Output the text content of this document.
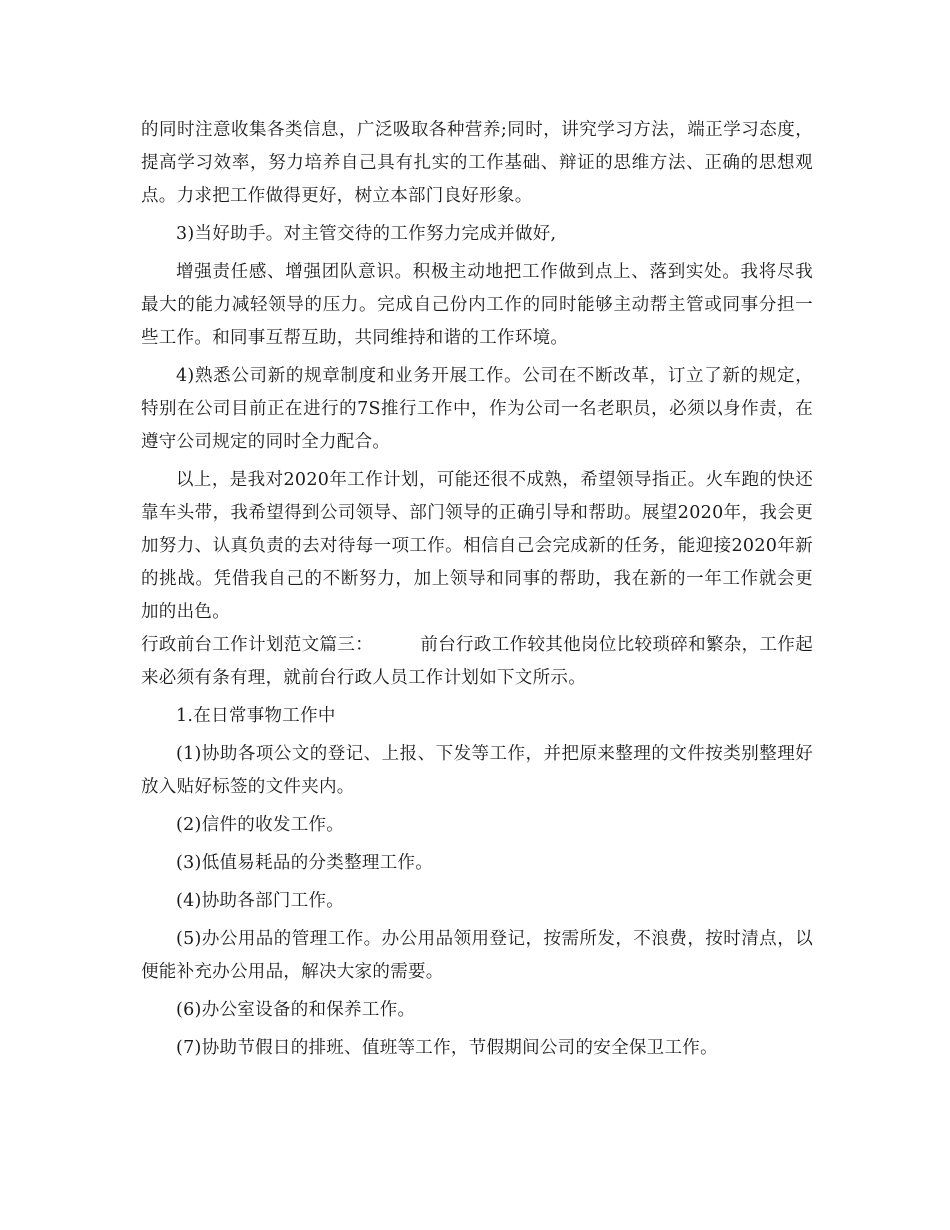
的同时注意收集各类信息，广泛吸取各种营养;同时，讲究学习方法，端正学习态度，提高学习效率，努力培养自己具有扎实的工作基础、辩证的思维方法、正确的思想观点。力求把工作做得更好，树立本部门良好形象。

3)当好助手。对主管交待的工作努力完成并做好,

增强责任感、增强团队意识。积极主动地把工作做到点上、落到实处。我将尽我最大的能力减轻领导的压力。完成自己份内工作的同时能够主动帮主管或同事分担一些工作。和同事互帮互助，共同维持和谐的工作环境。

4)熟悉公司新的规章制度和业务开展工作。公司在不断改革，订立了新的规定，特别在公司目前正在进行的7S推行工作中，作为公司一名老职员，必须以身作责，在遵守公司规定的同时全力配合。

以上，是我对2020年工作计划，可能还很不成熟，希望领导指正。火车跑的快还靠车头带，我希望得到公司领导、部门领导的正确引导和帮助。展望2020年，我会更加努力、认真负责的去对待每一项工作。相信自己会完成新的任务，能迎接2020年新的挑战。凭借我自己的不断努力，加上领导和同事的帮助，我在新的一年工作就会更加的出色。

行政前台工作计划范文篇三：        前台行政工作较其他岗位比较琐碎和繁杂，工作起来必须有条有理，就前台行政人员工作计划如下文所示。

1.在日常事物工作中

(1)协助各项公文的登记、上报、下发等工作，并把原来整理的文件按类别整理好放入贴好标签的文件夹内。

(2)信件的收发工作。

(3)低值易耗品的分类整理工作。

(4)协助各部门工作。

(5)办公用品的管理工作。办公用品领用登记，按需所发，不浪费，按时清点，以便能补充办公用品，解决大家的需要。

(6)办公室设备的和保养工作。

(7)协助节假日的排班、值班等工作，节假期间公司的安全保卫工作。
